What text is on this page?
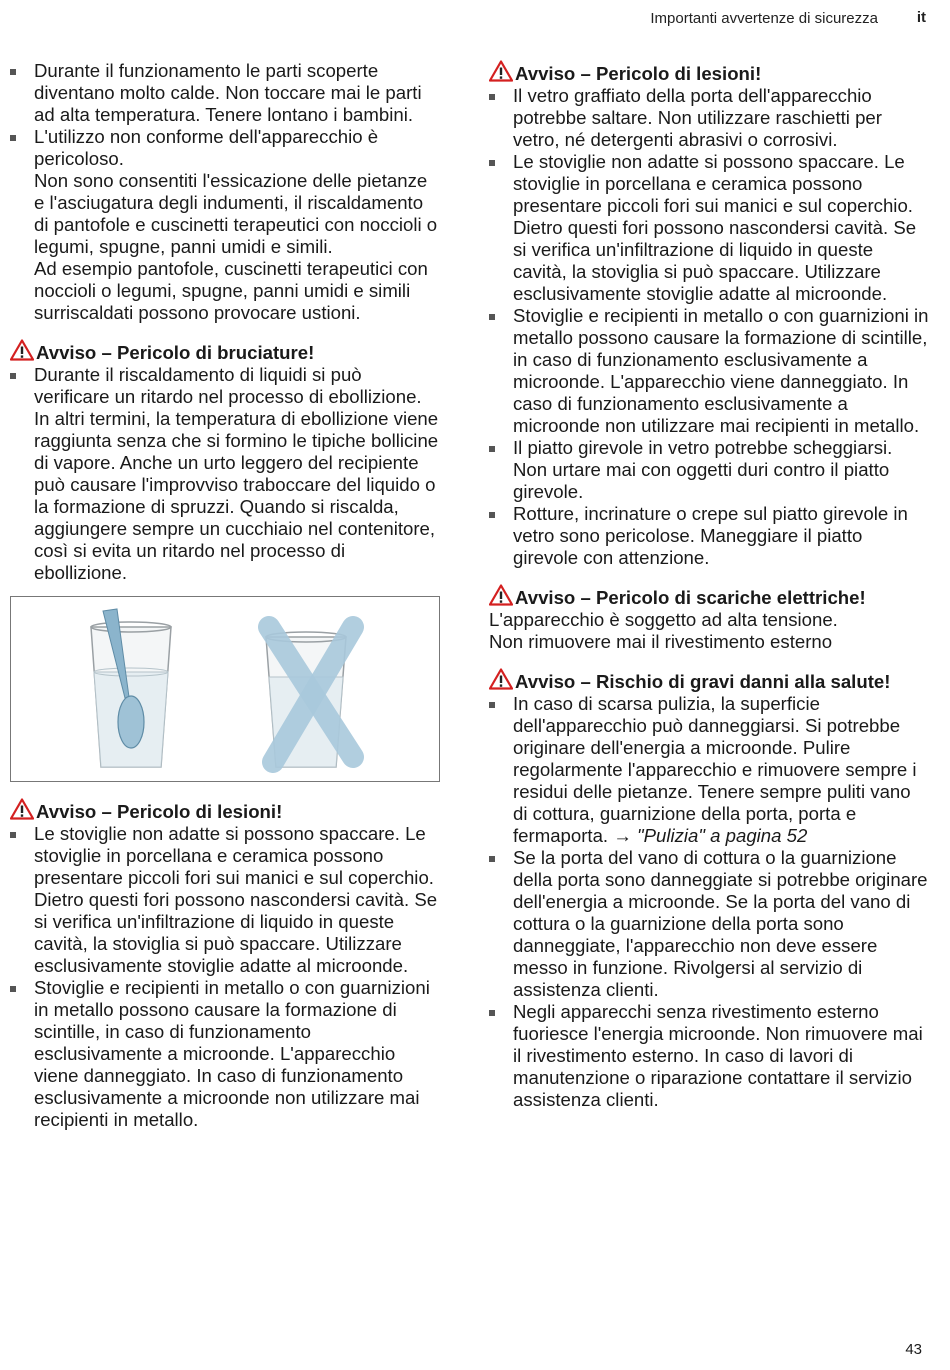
Importanti avvertenze di sicurezza	it
Durante il funzionamento le parti scoperte diventano molto calde. Non toccare mai le parti ad alta temperatura. Tenere lontano i bambini.
L'utilizzo non conforme dell'apparecchio è pericoloso.

Non sono consentiti l'essicazione delle pietanze e l'asciugatura degli indumenti, il riscaldamento di pantofole e cuscinetti terapeutici con noccioli o legumi, spugne, panni umidi e simili.

Ad esempio pantofole, cuscinetti terapeutici con noccioli o legumi, spugne, panni umidi e simili surriscaldati possono provocare ustioni.

Avviso – Pericolo di bruciature!

Durante il riscaldamento di liquidi si può verificare un ritardo nel processo di ebollizione. In altri termini, la temperatura di ebollizione viene raggiunta senza che si formino le tipiche bollicine di vapore. Anche un urto leggero del recipiente può causare l'improvviso traboccare del liquido o la formazione di spruzzi. Quando si riscalda, aggiungere sempre un cucchiaio nel contenitore, così si evita un ritardo nel processo di ebollizione.

Avviso – Pericolo di lesioni!

Le stoviglie non adatte si possono spaccare. Le stoviglie in porcellana e ceramica possono presentare piccoli fori sui manici e sul coperchio. Dietro questi fori possono nascondersi cavità. Se si verifica un'infiltrazione di liquido in queste cavità, la stoviglia si può spaccare. Utilizzare esclusivamente stoviglie adatte al microonde.
Stoviglie e recipienti in metallo o con guarnizioni in metallo possono causare la formazione di scintille, in caso di funzionamento esclusivamente a microonde. L'apparecchio viene danneggiato. In caso di funzionamento esclusivamente a microonde non utilizzare mai recipienti in metallo.

Avviso – Pericolo di lesioni!

Il vetro graffiato della porta dell'apparecchio potrebbe saltare. Non utilizzare raschietti per vetro, né detergenti abrasivi o corrosivi.
Le stoviglie non adatte si possono spaccare. Le stoviglie in porcellana e ceramica possono presentare piccoli fori sui manici e sul coperchio. Dietro questi fori possono nascondersi cavità. Se si verifica un'infiltrazione di liquido in queste cavità, la stoviglia si può spaccare. Utilizzare esclusivamente stoviglie adatte al microonde.
Stoviglie e recipienti in metallo o con guarnizioni in metallo possono causare la formazione di scintille, in caso di funzionamento esclusivamente a microonde. L'apparecchio viene danneggiato. In caso di funzionamento esclusivamente a microonde non utilizzare mai recipienti in metallo.
Il piatto girevole in vetro potrebbe scheggiarsi. Non urtare mai con oggetti duri contro il piatto girevole.
Rotture, incrinature o crepe sul piatto girevole in vetro sono pericolose. Maneggiare il piatto girevole con attenzione.

Avviso – Pericolo di scariche elettriche!

L'apparecchio è soggetto ad alta tensione.

Non rimuovere mai il rivestimento esterno

Avviso – Rischio di gravi danni alla salute!

In caso di scarsa pulizia, la superficie dell'apparecchio può danneggiarsi. Si potrebbe originare dell'energia a microonde. Pulire regolarmente l'apparecchio e rimuovere sempre i residui delle pietanze. Tenere sempre puliti vano di cottura, guarnizione della porta, porta e fermaporta. → "Pulizia" a pagina 52
Se la porta del vano di cottura o la guarnizione della porta sono danneggiate si potrebbe originare dell'energia a microonde. Se la porta del vano di cottura o la guarnizione della porta sono danneggiate, l'apparecchio non deve essere messo in funzione. Rivolgersi al servizio di assistenza clienti.
Negli apparecchi senza rivestimento esterno fuoriesce l'energia microonde. Non rimuovere mai il rivestimento esterno. In caso di lavori di manutenzione o riparazione contattare il servizio assistenza clienti.
43
